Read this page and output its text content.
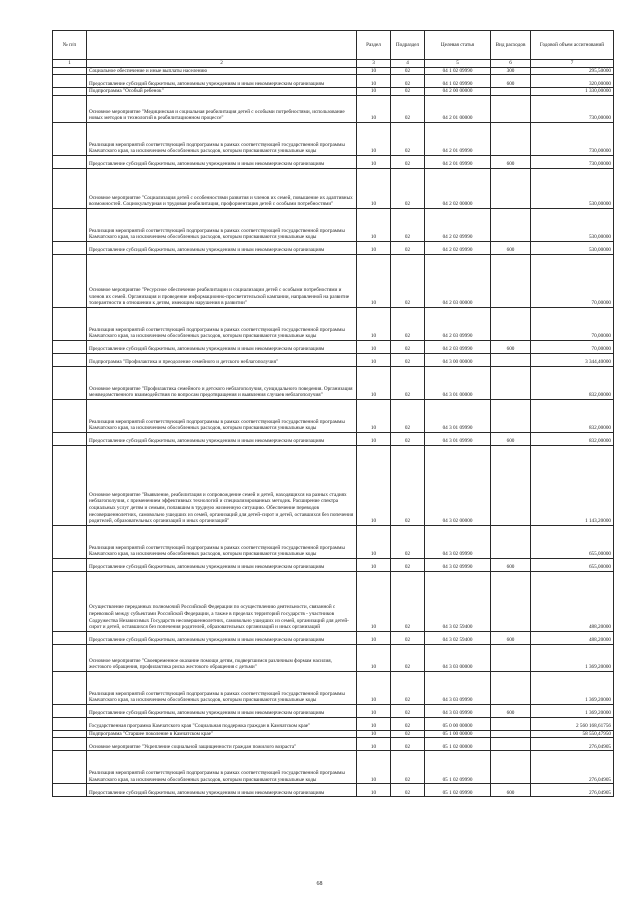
№ п/п		Раздел	Подраздел	Целевая статья	Вид расходов	Годовой объем ассигнований
1	2	3	4	5	6	7
	Социальное обеспечение и иные выплаты населению	10	02	04 1 02 09990	300	295,50000
	Предоставление субсидий бюджетным, автономным учреждениям и иным некоммерческим организациям	10	02	04 1 02 09990	600	320,00000
	Подпрограмма "Особый ребенок"	10	02	04 2 00 00000		1 330,00000
	Основное мероприятие "Медицинская и социальная реабилитация детей с особыми потребностями, использование новых методов и технологий в реабилитационном процессе"	10	02	04 2 01 00000		730,00000
	Реализация мероприятий соответствующей подпрограммы в рамках соответствующей государственной программы Камчатского края, за исключением обособленных расходов, которым присваиваются уникальные коды	10	02	04 2 01 09990		730,00000
	Предоставление субсидий бюджетным, автономным учреждениям и иным некоммерческим организациям	10	02	04 2 01 09990	600	730,00000
	Основное мероприятие "Социализация детей с особенностями развития и членов их семей, повышение их адаптивных возможностей. Социокультурная и трудовая реабилитация, профориентация детей с особыми потребностями"	10	02	04 2 02 00000		530,00000
	Реализация мероприятий соответствующей подпрограммы в рамках соответствующей государственной программы Камчатского края, за исключением обособленных расходов, которым присваиваются уникальные коды	10	02	04 2 02 09990		530,00000
	Предоставление субсидий бюджетным, автономным учреждениям и иным некоммерческим организациям	10	02	04 2 02 09990	600	530,00000
	Основное мероприятие "Ресурсное обеспечение реабилитации и социализации детей с особыми потребностями и членов их семей. Организация и проведение информационно-просветительской кампании, направленной на развитие толерантности в отношении к детям, имеющим нарушения в развитии"	10	02	04 2 03 00000		70,00000
	Реализация мероприятий соответствующей подпрограммы в рамках соответствующей государственной программы Камчатского края, за исключением обособленных расходов, которым присваиваются уникальные коды	10	02	04 2 03 09990		70,00000
	Предоставление субсидий бюджетным, автономным учреждениям и иным некоммерческим организациям	10	02	04 2 03 09990	600	70,00000
	Подпрограмма "Профилактика и преодоление семейного и детского неблагополучия"	10	02	04 3 00 00000		3 344,40000
	Основное мероприятие "Профилактика семейного и детского неблагополучия, суицидального поведения. Организация межведомственного взаимодействия по вопросам предотвращения и выявления случаев неблагополучия"	10	02	04 3 01 00000		832,00000
	Реализация мероприятий соответствующей подпрограммы в рамках соответствующей государственной программы Камчатского края, за исключением обособленных расходов, которым присваиваются уникальные коды	10	02	04 3 01 09990		832,00000
	Предоставление субсидий бюджетным, автономным учреждениям и иным некоммерческим организациям	10	02	04 3 01 09990	600	832,00000
	Основное мероприятие "Выявление, реабилитация и сопровождение семей и детей, находящихся на разных стадиях неблагополучия, с применением эффективных технологий и специализированных методик. Расширение спектра социальных услуг детям и семьям, попавшим в трудную жизненную ситуацию. Обеспечение переводов несовершеннолетних, самовольно ушедших из семей, организаций для детей-сирот и детей, оставшихся без попечения родителей, образовательных организаций и иных организаций"	10	02	04 3 02 00000		1 143,20000
	Реализация мероприятий соответствующей подпрограммы в рамках соответствующей государственной программы Камчатского края, за исключением обособленных расходов, которым присваиваются уникальные коды	10	02	04 3 02 09990		655,00000
	Предоставление субсидий бюджетным, автономным учреждениям и иным некоммерческим организациям	10	02	04 3 02 09990	600	655,00000
	Осуществление переданных полномочий Российской Федерации по осуществлению деятельности, связанной с перевозкой между субъектами Российской Федерации, а также в пределах территорий государств - участников Содружества Независимых Государств несовершеннолетних, самовольно ушедших из семей, организаций для детей-сирот и детей, оставшихся без попечения родителей, образовательных организаций и иных организаций	10	02	04 3 02 59400		488,20000
	Предоставление субсидий бюджетным, автономным учреждениям и иным некоммерческим организациям	10	02	04 3 02 59400	600	488,20000
	Основное мероприятие "Своевременное оказание помощи детям, подвергшимся различным формам насилия, жестокого обращения, профилактика риска жестокого обращения с детьми"	10	02	04 3 03 00000		1 369,20000
	Реализация мероприятий соответствующей подпрограммы в рамках соответствующей государственной программы Камчатского края, за исключением обособленных расходов, которым присваиваются уникальные коды	10	02	04 3 03 09990		1 369,20000
	Предоставление субсидий бюджетным, автономным учреждениям и иным некоммерческим организациям	10	02	04 3 03 09990	600	1 369,20000
	Государственная программа Камчатского края "Социальная поддержка граждан в Камчатском крае"	10	02	05 0 00 00000		2 560 168,61756
	Подпрограмма "Старшее поколение в Камчатском крае"	10	02	05 1 00 00000		58 550,47950
	Основное мероприятие "Укрепление социальной защищенности граждан пожилого возраста"	10	02	05 1 02 00000		276,04905
	Реализация мероприятий соответствующей подпрограммы в рамках соответствующей государственной программы Камчатского края, за исключением обособленных расходов, которым присваиваются уникальные коды	10	02	05 1 02 09990		276,04905
	Предоставление субсидий бюджетным, автономным учреждениям и иным некоммерческим организациям	10	02	05 1 02 09990	600	276,04905
68
